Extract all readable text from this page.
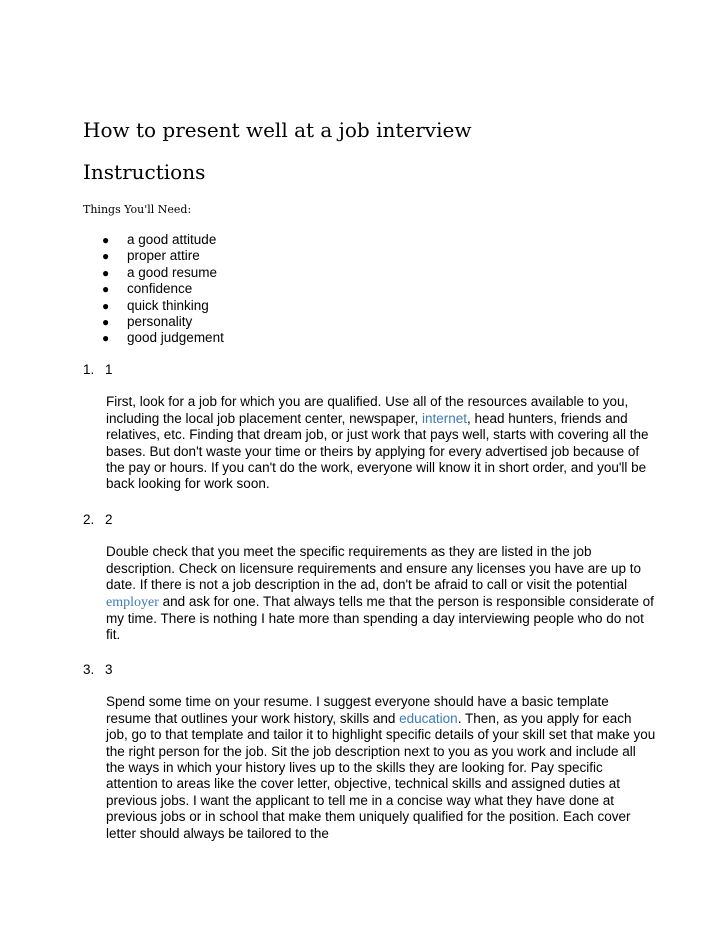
How to present well at a job interview
Instructions
Things You'll Need:
● a good attitude
● proper attire
● a good resume
● confidence
● quick thinking
● personality
● good judgement
1. 1
First, look for a job for which you are qualified. Use all of the resources available to you, including the local job placement center, newspaper, internet, head hunters, friends and relatives, etc. Finding that dream job, or just work that pays well, starts with covering all the bases. But don't waste your time or theirs by applying for every advertised job because of the pay or hours. If you can't do the work, everyone will know it in short order, and you'll be back looking for work soon.
2. 2
Double check that you meet the specific requirements as they are listed in the job description. Check on licensure requirements and ensure any licenses you have are up to date. If there is not a job description in the ad, don't be afraid to call or visit the potential employer and ask for one. That always tells me that the person is responsible considerate of my time. There is nothing I hate more than spending a day interviewing people who do not fit.
3. 3
Spend some time on your resume. I suggest everyone should have a basic template resume that outlines your work history, skills and education. Then, as you apply for each job, go to that template and tailor it to highlight specific details of your skill set that make you the right person for the job. Sit the job description next to you as you work and include all the ways in which your history lives up to the skills they are looking for. Pay specific attention to areas like the cover letter, objective, technical skills and assigned duties at previous jobs. I want the applicant to tell me in a concise way what they have done at previous jobs or in school that make them uniquely qualified for the position. Each cover letter should always be tailored to the
